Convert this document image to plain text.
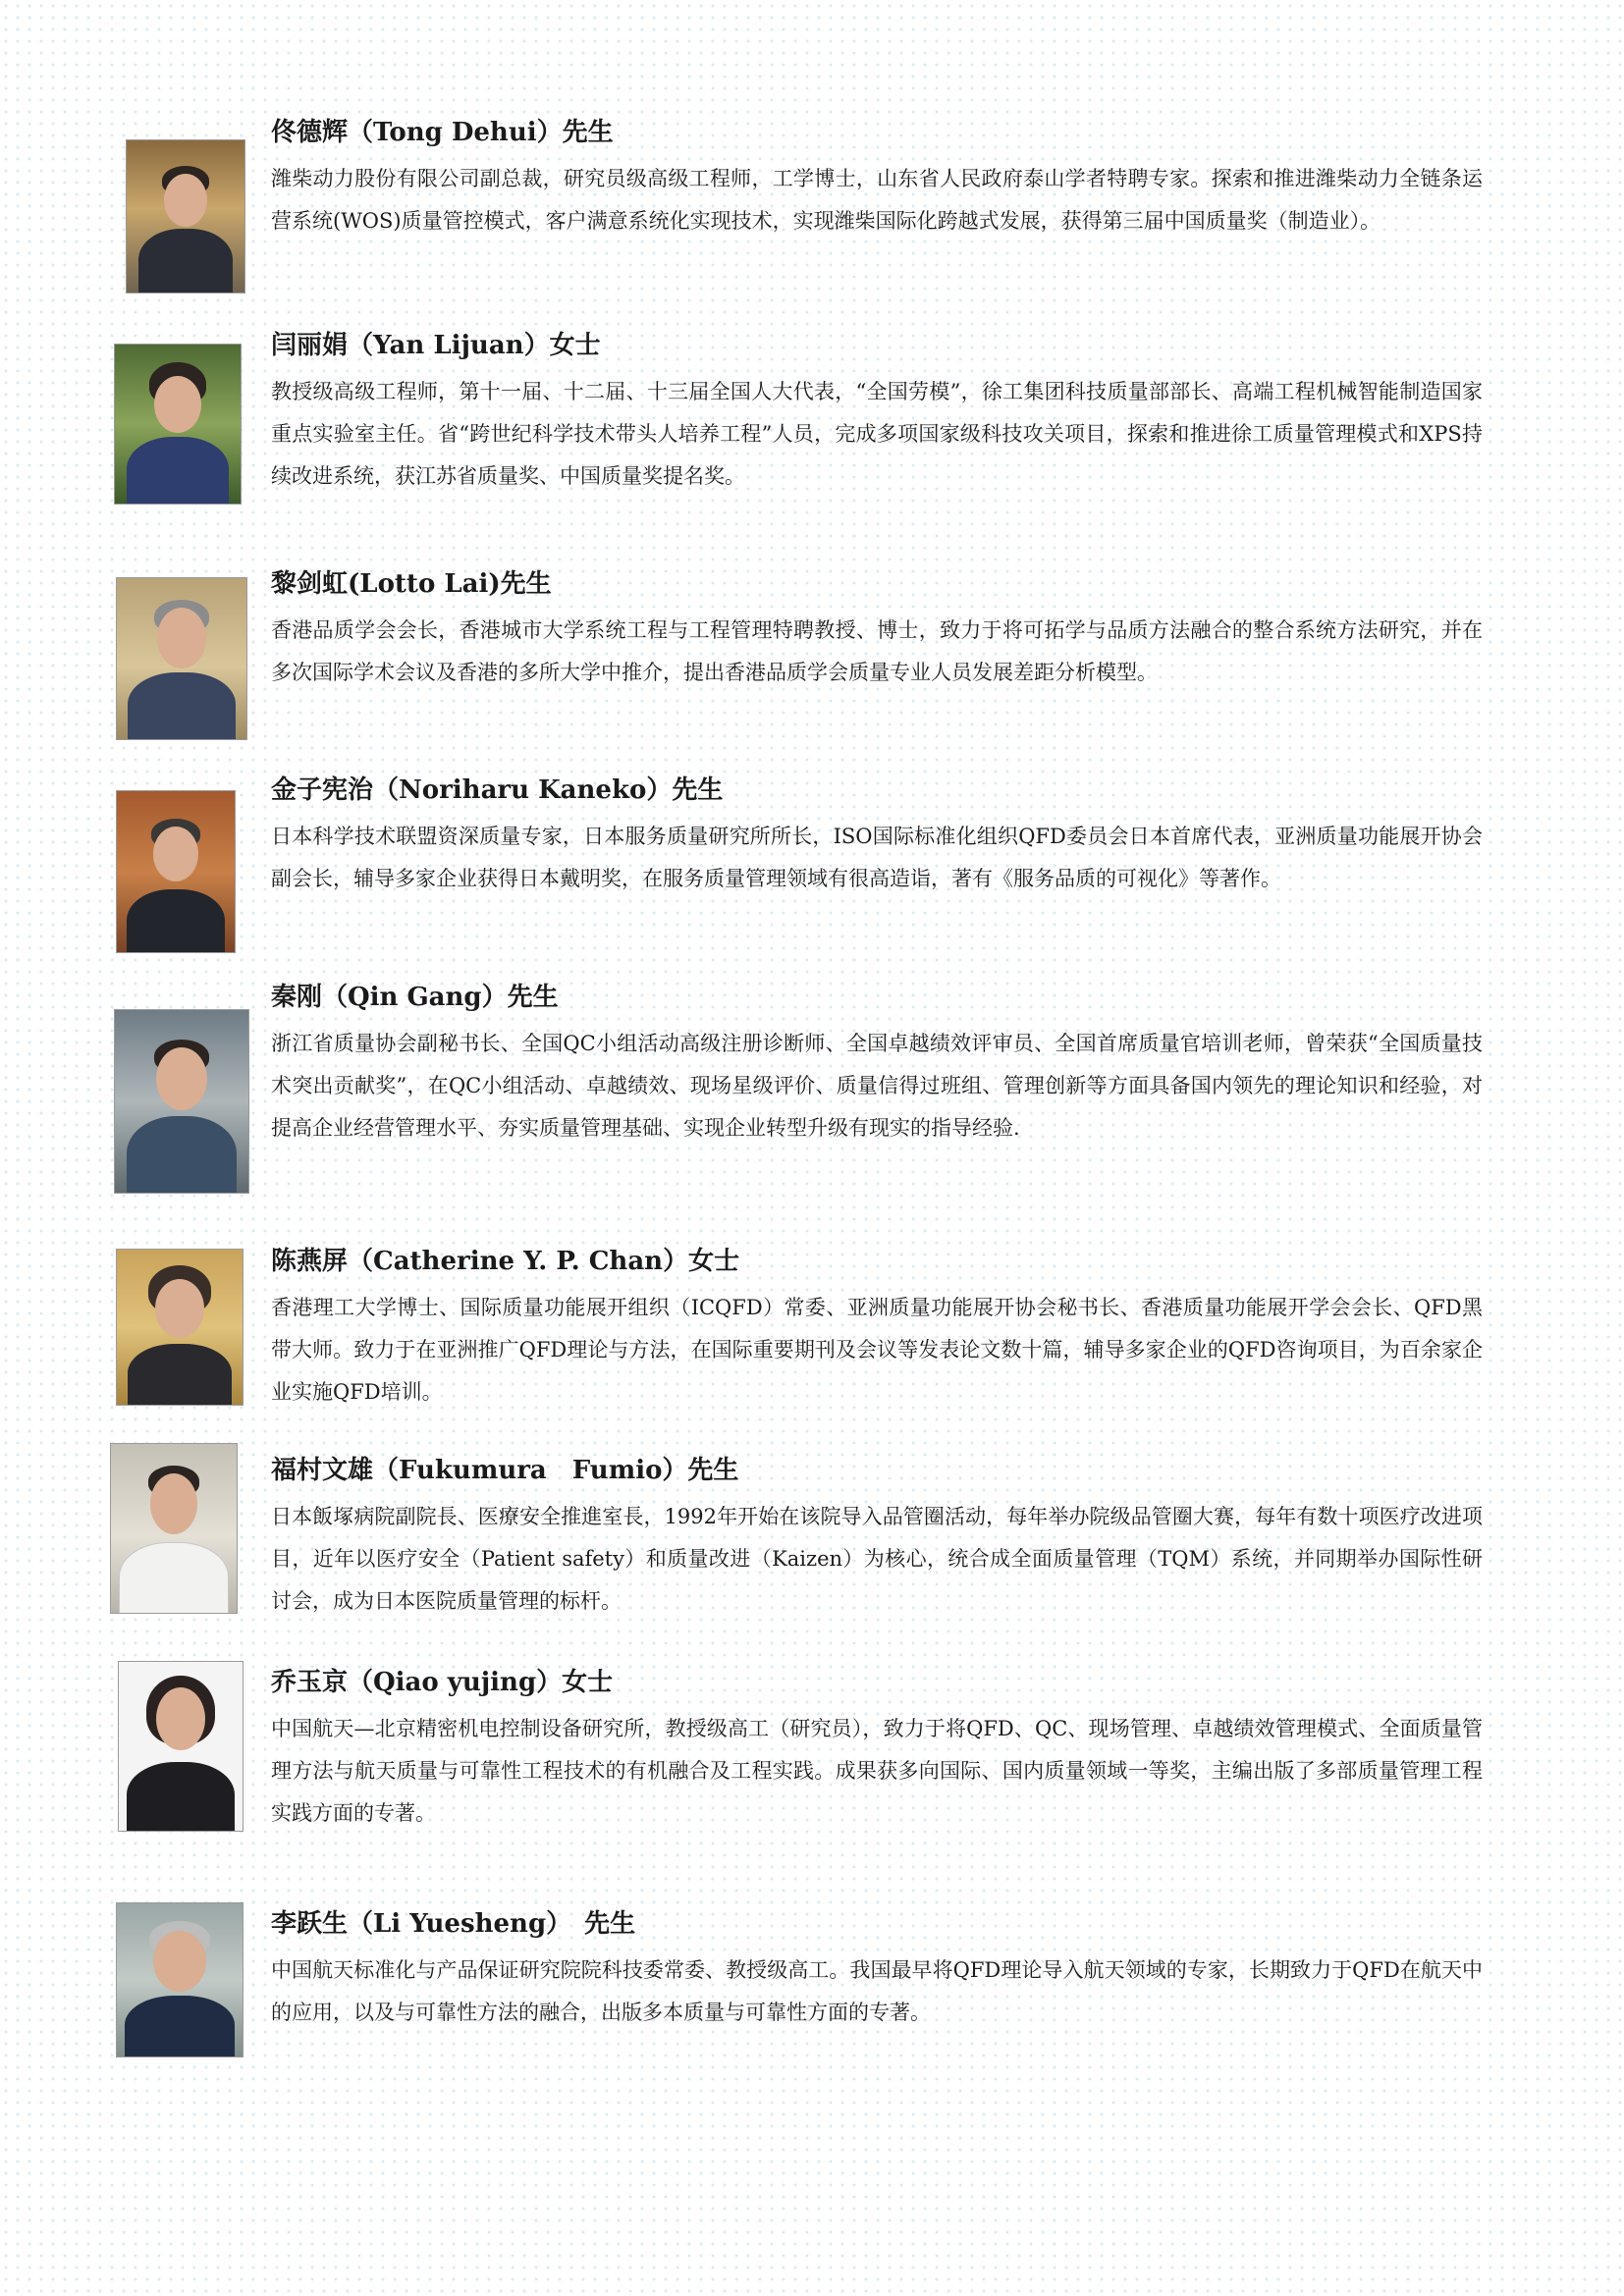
佟德辉（Tong Dehui）先生
潍柴动力股份有限公司副总裁，研究员级高级工程师，工学博士，山东省人民政府泰山学者特聘专家。探索和推进潍柴动力全链条运营系统(WOS)质量管控模式，客户满意系统化实现技术，实现潍柴国际化跨越式发展，获得第三届中国质量奖（制造业）。
闫丽娟（Yan Lijuan）女士
教授级高级工程师，第十一届、十二届、十三届全国人大代表，“全国劳模”，徐工集团科技质量部部长、高端工程机械智能制造国家重点实验室主任。省“跨世纪科学技术带头人培养工程”人员，完成多项国家级科技攻关项目，探索和推进徐工质量管理模式和XPS持续改进系统，获江苏省质量奖、中国质量奖提名奖。
黎剑虹(Lotto Lai)先生
香港品质学会会长，香港城市大学系统工程与工程管理特聘教授、博士，致力于将可拓学与品质方法融合的整合系统方法研究，并在多次国际学术会议及香港的多所大学中推介，提出香港品质学会质量专业人员发展差距分析模型。
金子宪治（Noriharu Kaneko）先生
日本科学技术联盟资深质量专家，日本服务质量研究所所长，ISO国际标准化组织QFD委员会日本首席代表，亚洲质量功能展开协会副会长，辅导多家企业获得日本戴明奖，在服务质量管理领域有很高造诣，著有《服务品质的可视化》等著作。
秦刚（Qin Gang）先生
浙江省质量协会副秘书长、全国QC小组活动高级注册诊断师、全国卓越绩效评审员、全国首席质量官培训老师，曾荣获“全国质量技术突出贡献奖”，在QC小组活动、卓越绩效、现场星级评价、质量信得过班组、管理创新等方面具备国内领先的理论知识和经验，对提高企业经营管理水平、夯实质量管理基础、实现企业转型升级有现实的指导经验.
陈燕屏（Catherine Y. P. Chan）女士
香港理工大学博士、国际质量功能展开组织（ICQFD）常委、亚洲质量功能展开协会秘书长、香港质量功能展开学会会长、QFD黑带大师。致力于在亚洲推广QFD理论与方法，在国际重要期刊及会议等发表论文数十篇，辅导多家企业的QFD咨询项目，为百余家企业实施QFD培训。
福村文雄（Fukumura　Fumio）先生
日本飯塚病院副院長、医療安全推進室長，1992年开始在该院导入品管圈活动，每年举办院级品管圈大赛，每年有数十项医疗改进项目，近年以医疗安全（Patient safety）和质量改进（Kaizen）为核心，统合成全面质量管理（TQM）系统，并同期举办国际性研讨会，成为日本医院质量管理的标杆。
乔玉京（Qiao yujing）女士
中国航天—北京精密机电控制设备研究所，教授级高工（研究员），致力于将QFD、QC、现场管理、卓越绩效管理模式、全面质量管理方法与航天质量与可靠性工程技术的有机融合及工程实践。成果获多向国际、国内质量领域一等奖，主编出版了多部质量管理工程实践方面的专著。
李跃生（Li Yuesheng）　先生
中国航天标准化与产品保证研究院院科技委常委、教授级高工。我国最早将QFD理论导入航天领域的专家，长期致力于QFD在航天中的应用，以及与可靠性方法的融合，出版多本质量与可靠性方面的专著。
